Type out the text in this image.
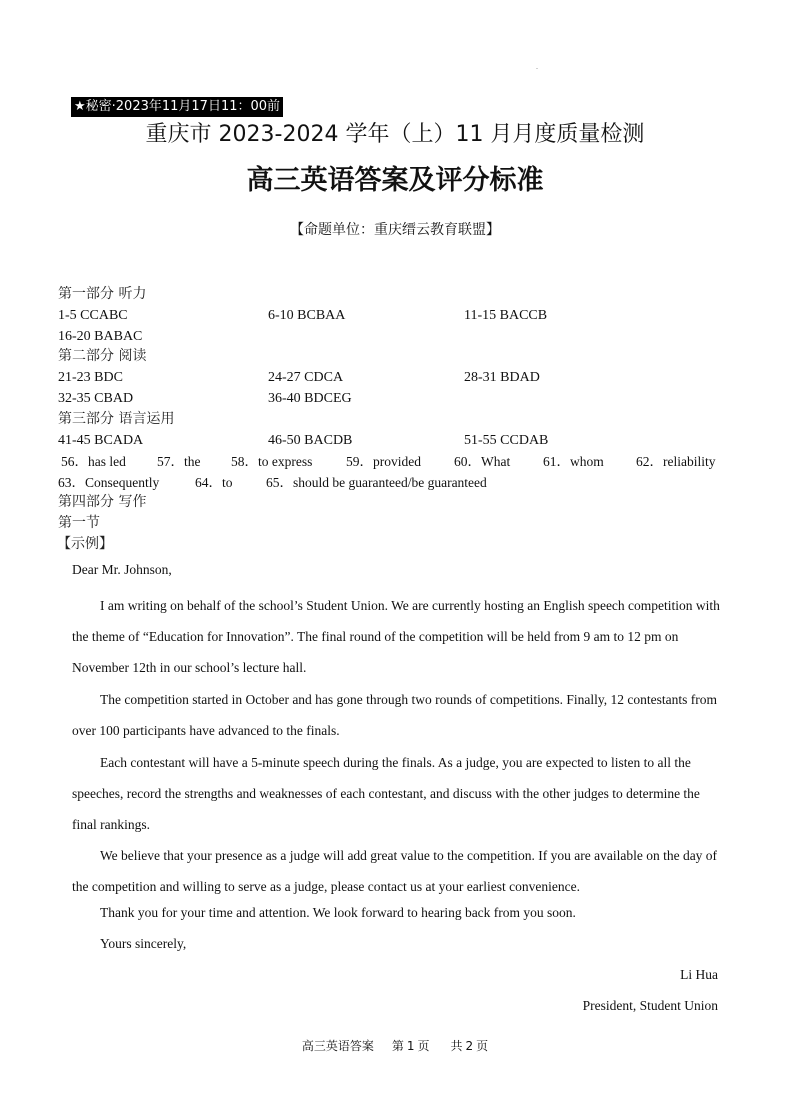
.
★秘密·2023年11月17日11：00前
重庆市 2023-2024 学年（上）11 月月度质量检测
高三英语答案及评分标准
【命题单位：重庆缙云教育联盟】
第一部分 听力
1-5 CCABC	6-10 BCBAA	11-15 BACCB
16-20 BABAC
第二部分 阅读
21-23 BDC	24-27 CDCA	28-31 BDAD
32-35 CBAD	36-40 BDCEG
第三部分 语言运用
41-45 BCADA	46-50 BACDB	51-55 CCDAB
56．has led 57．the 58．to express 59．provided 60．What 61．whom 62．reliability
63．Consequently	64．to 65．should be guaranteed/be guaranteed
第四部分 写作
第一节
【示例】
Dear Mr. Johnson,
I am writing on behalf of the school’s Student Union. We are currently hosting an English speech competition with the theme of “Education for Innovation”. The final round of the competition will be held from 9 am to 12 pm on November 12th in our school’s lecture hall.
The competition started in October and has gone through two rounds of competitions. Finally, 12 contestants from over 100 participants have advanced to the finals.
Each contestant will have a 5-minute speech during the finals. As a judge, you are expected to listen to all the speeches, record the strengths and weaknesses of each contestant, and discuss with the other judges to determine the final rankings.
We believe that your presence as a judge will add great value to the competition. If you are available on the day of the competition and willing to serve as a judge, please contact us at your earliest convenience.
Thank you for your time and attention. We look forward to hearing back from you soon.
Yours sincerely,
Li Hua
President, Student Union
高三英语答案 第 1 页 共 2 页
